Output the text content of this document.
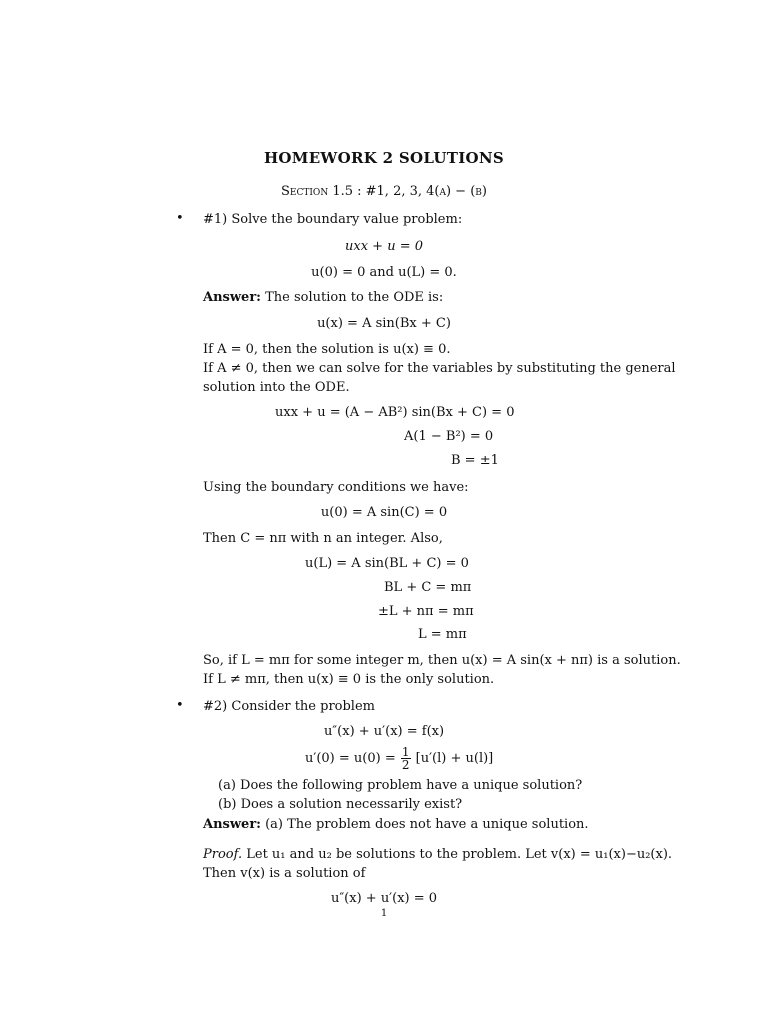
HOMEWORK 2 SOLUTIONS
Section 1.5 : #1, 2, 3, 4(a) − (b)
• #1) Solve the boundary value problem:
uxx + u = 0
u(0) = 0 and u(L) = 0.
Answer: The solution to the ODE is:
u(x) = A sin(Bx + C)
If A = 0, then the solution is u(x) ≡ 0.
If A ≠ 0, then we can solve for the variables by substituting the general
solution into the ODE.
uxx + u = (A − AB²) sin(Bx + C) = 0
A(1 − B²) = 0
B = ±1
Using the boundary conditions we have:
u(0) = A sin(C) = 0
Then C = nπ with n an integer. Also,
u(L) = A sin(BL + C) = 0
BL + C = mπ
±L + nπ = mπ
L = mπ
So, if L = mπ for some integer m, then u(x) = A sin(x + nπ) is a solution.
If L ≠ mπ, then u(x) ≡ 0 is the only solution.
• #2) Consider the problem
u″(x) + u′(x) = f(x)
$u'(0) = u(0) = \frac{1}{2} [u'(l) + u(l)]$
(a) Does the following problem have a unique solution?
(b) Does a solution necessarily exist?
Answer: (a) The problem does not have a unique solution.
Proof. Let u₁ and u₂ be solutions to the problem. Let v(x) = u₁(x)−u₂(x).
Then v(x) is a solution of
u″(x) + u′(x) = 0
1
